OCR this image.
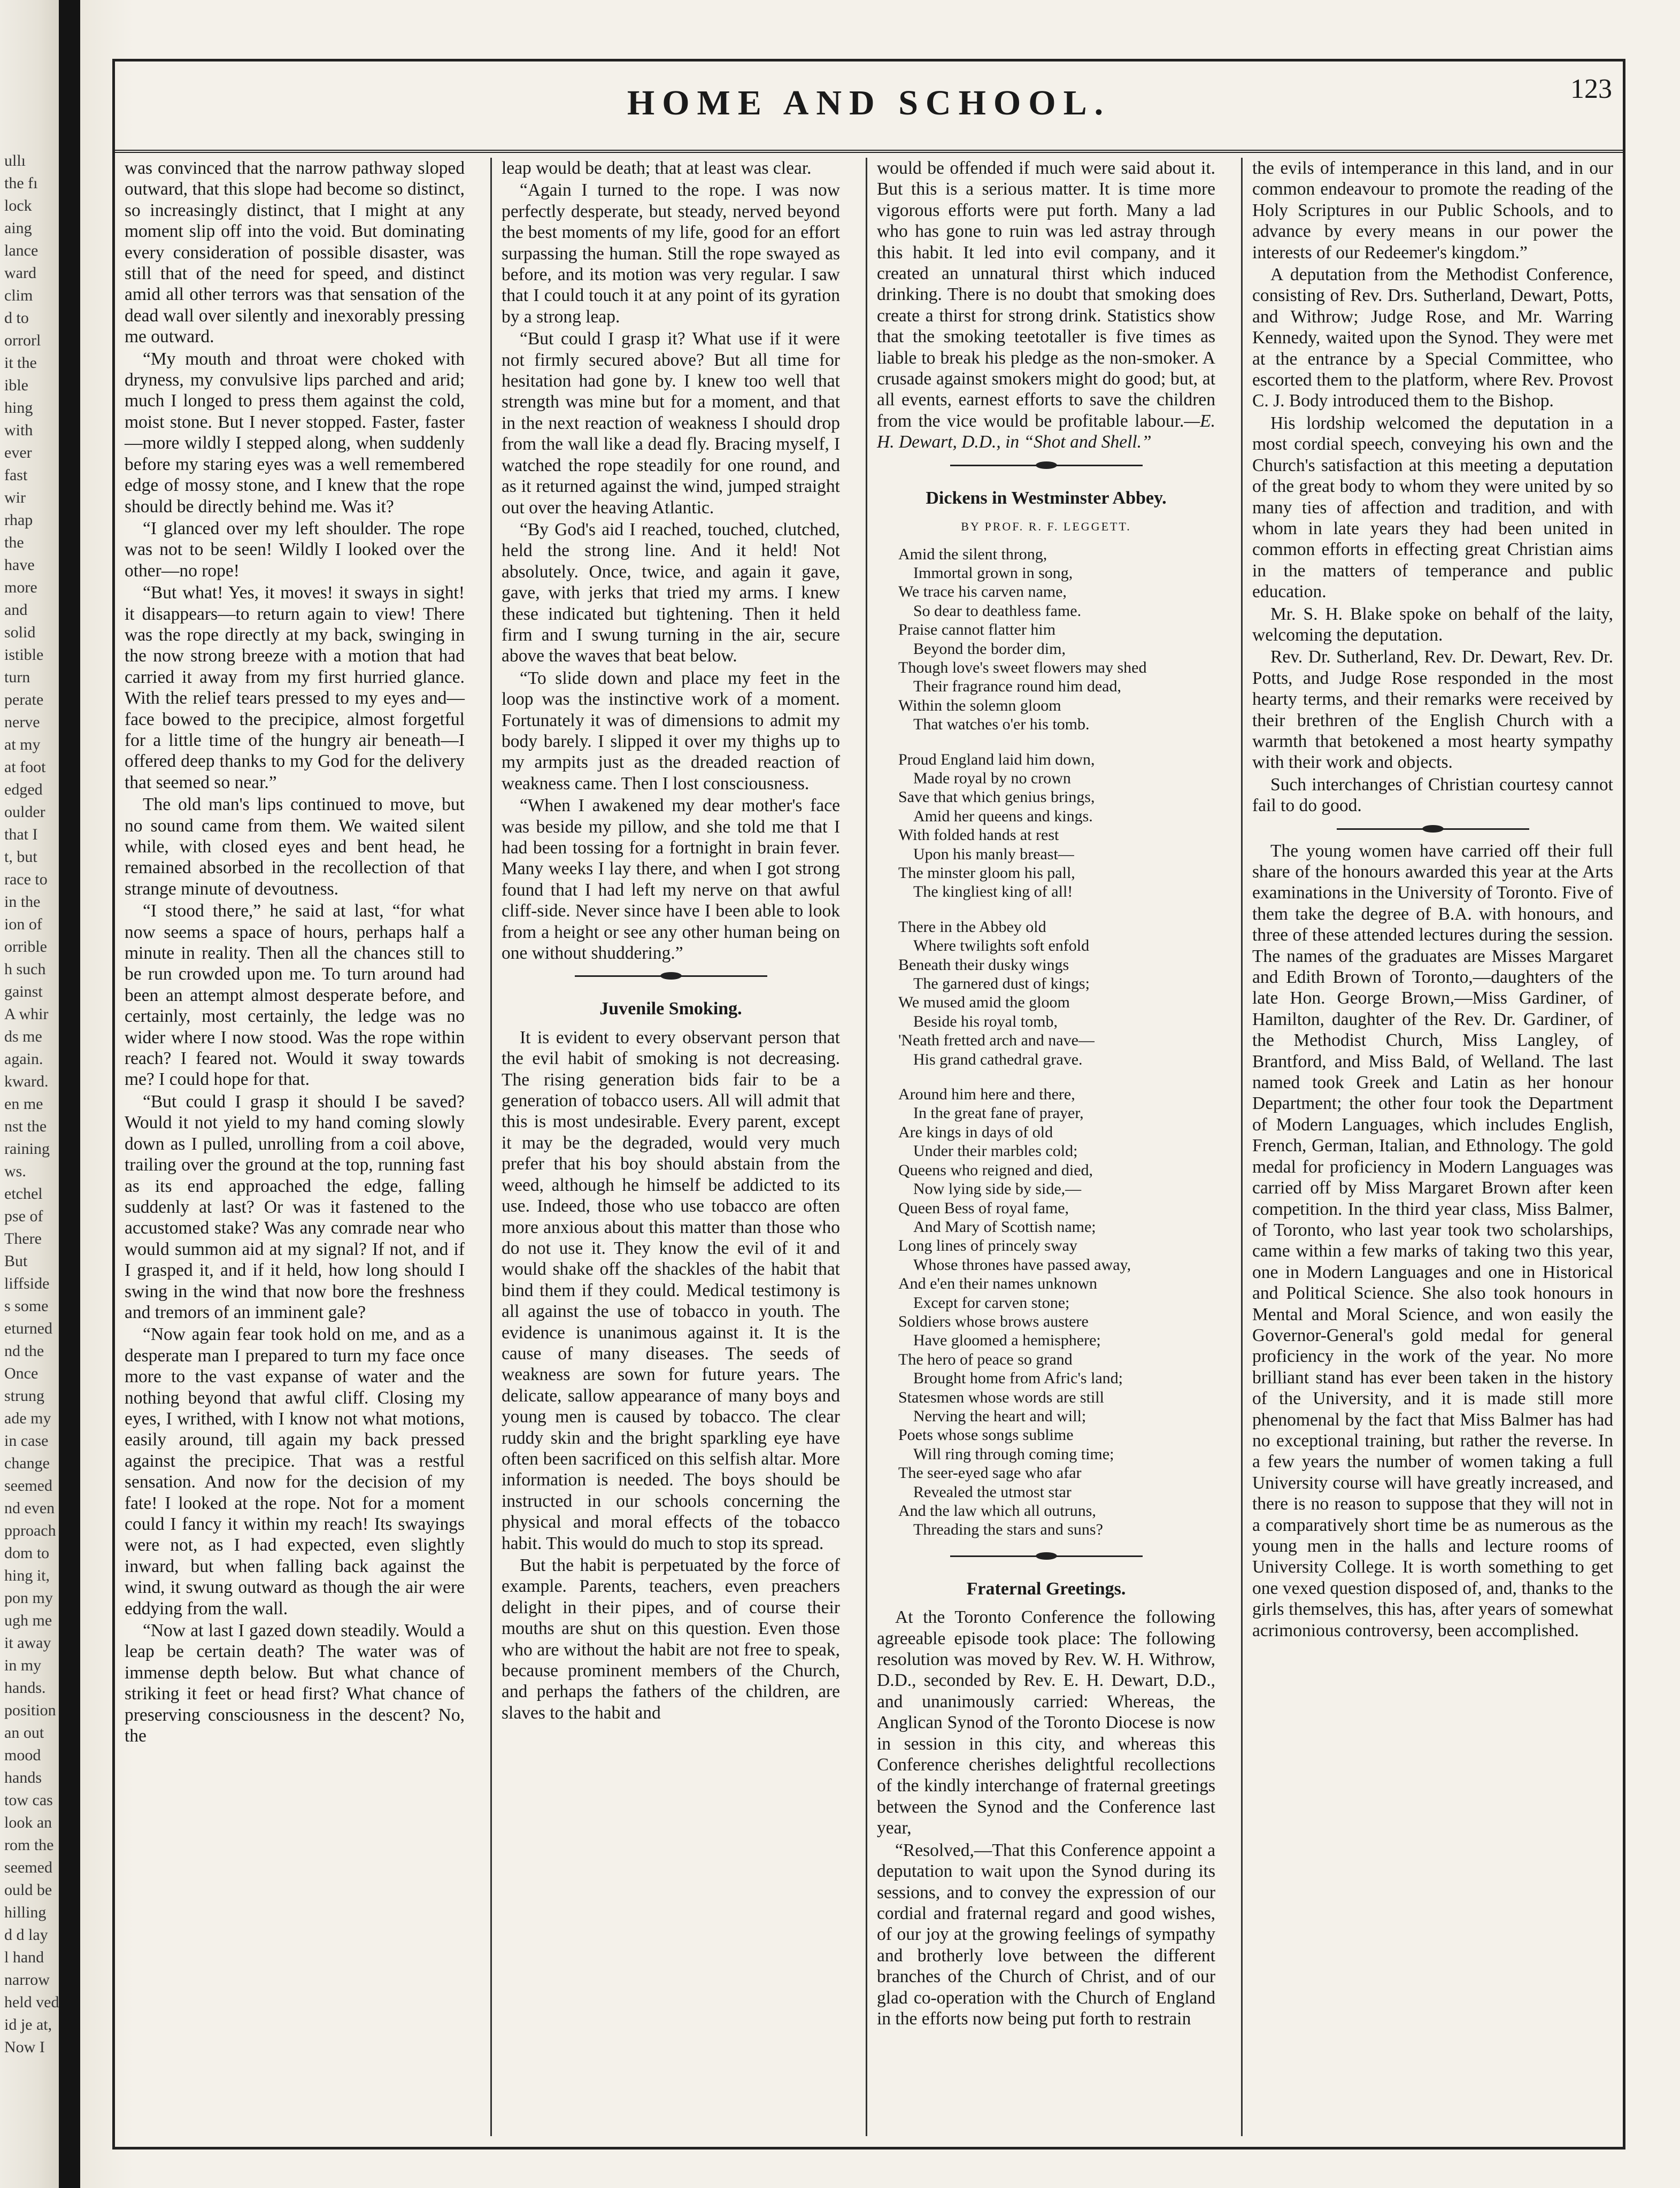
ullı
the fı
lock
aing
lance
ward
clim
d to
orrorl
it the
ible
hing
with
ever
fast
wir
rhap
the
have
more
and
solid
istible
turn
perate
nerve
at my
at foot
edged
oulder
that I
t, but
race to
in the
ion of
orrible
h such
gainst
A whir
ds me
again.
kward.
en me
nst the
raining
ws.
etchel
pse of
There
But
liffside
s some
eturned
nd the
Once
strung
ade my
in case
change
seemed
nd even
pproach
dom to
hing it,
pon my
ugh me
it away
in my
hands.
position
an out
mood
hands
tow cas
look an
rom the
seemed
ould be
hilling
d d lay
l hand
narrow
held ved
id je at,
Now I
HOME AND SCHOOL.	123

was convinced that the narrow pathway sloped outward, that this slope had become so distinct, so increasingly distinct, that I might at any moment slip off into the void. But dominating every consideration of possible disaster, was still that of the need for speed, and distinct amid all other terrors was that sensation of the dead wall over silently and inexorably pressing me outward.

“My mouth and throat were choked with dryness, my convulsive lips parched and arid; much I longed to press them against the cold, moist stone. But I never stopped. Faster, faster—more wildly I stepped along, when suddenly before my staring eyes was a well remembered edge of mossy stone, and I knew that the rope should be directly behind me. Was it?

“I glanced over my left shoulder. The rope was not to be seen! Wildly I looked over the other—no rope!

“But what! Yes, it moves! it sways in sight! it disappears—to return again to view! There was the rope directly at my back, swinging in the now strong breeze with a motion that had carried it away from my first hurried glance. With the relief tears pressed to my eyes and—face bowed to the precipice, almost forgetful for a little time of the hungry air beneath—I offered deep thanks to my God for the delivery that seemed so near.”

The old man's lips continued to move, but no sound came from them. We waited silent while, with closed eyes and bent head, he remained absorbed in the recollection of that strange minute of devoutness.

“I stood there,” he said at last, “for what now seems a space of hours, perhaps half a minute in reality. Then all the chances still to be run crowded upon me. To turn around had been an attempt almost desperate before, and certainly, most certainly, the ledge was no wider where I now stood. Was the rope within reach? I feared not. Would it sway towards me? I could hope for that.

“But could I grasp it should I be saved? Would it not yield to my hand coming slowly down as I pulled, unrolling from a coil above, trailing over the ground at the top, running fast as its end approached the edge, falling suddenly at last? Or was it fastened to the accustomed stake? Was any comrade near who would summon aid at my signal? If not, and if I grasped it, and if it held, how long should I swing in the wind that now bore the freshness and tremors of an imminent gale?

“Now again fear took hold on me, and as a desperate man I prepared to turn my face once more to the vast expanse of water and the nothing beyond that awful cliff. Closing my eyes, I writhed, with I know not what motions, easily around, till again my back pressed against the precipice. That was a restful sensation. And now for the decision of my fate! I looked at the rope. Not for a moment could I fancy it within my reach! Its swayings were not, as I had expected, even slightly inward, but when falling back against the wind, it swung outward as though the air were eddying from the wall.

“Now at last I gazed down steadily. Would a leap be certain death? The water was of immense depth below. But what chance of striking it feet or head first? What chance of preserving consciousness in the descent? No, the

leap would be death; that at least was clear.

“Again I turned to the rope. I was now perfectly desperate, but steady, nerved beyond the best moments of my life, good for an effort surpassing the human. Still the rope swayed as before, and its motion was very regular. I saw that I could touch it at any point of its gyration by a strong leap.

“But could I grasp it? What use if it were not firmly secured above? But all time for hesitation had gone by. I knew too well that strength was mine but for a moment, and that in the next reaction of weakness I should drop from the wall like a dead fly. Bracing myself, I watched the rope steadily for one round, and as it returned against the wind, jumped straight out over the heaving Atlantic.

“By God's aid I reached, touched, clutched, held the strong line. And it held! Not absolutely. Once, twice, and again it gave, gave, with jerks that tried my arms. I knew these indicated but tightening. Then it held firm and I swung turning in the air, secure above the waves that beat below.

“To slide down and place my feet in the loop was the instinctive work of a moment. Fortunately it was of dimensions to admit my body barely. I slipped it over my thighs up to my armpits just as the dreaded reaction of weakness came. Then I lost consciousness.

“When I awakened my dear mother's face was beside my pillow, and she told me that I had been tossing for a fortnight in brain fever. Many weeks I lay there, and when I got strong found that I had left my nerve on that awful cliff-side. Never since have I been able to look from a height or see any other human being on one without shuddering.”

Juvenile Smoking.

It is evident to every observant person that the evil habit of smoking is not decreasing. The rising generation bids fair to be a generation of tobacco users. All will admit that this is most undesirable. Every parent, except it may be the degraded, would very much prefer that his boy should abstain from the weed, although he himself be addicted to its use. Indeed, those who use tobacco are often more anxious about this matter than those who do not use it. They know the evil of it and would shake off the shackles of the habit that bind them if they could. Medical testimony is all against the use of tobacco in youth. The evidence is unanimous against it. It is the cause of many diseases. The seeds of weakness are sown for future years. The delicate, sallow appearance of many boys and young men is caused by tobacco. The clear ruddy skin and the bright sparkling eye have often been sacrificed on this selfish altar. More information is needed. The boys should be instructed in our schools concerning the physical and moral effects of the tobacco habit. This would do much to stop its spread.

But the habit is perpetuated by the force of example. Parents, teachers, even preachers delight in their pipes, and of course their mouths are shut on this question. Even those who are without the habit are not free to speak, because prominent members of the Church, and perhaps the fathers of the children, are slaves to the habit and

would be offended if much were said about it. But this is a serious matter. It is time more vigorous efforts were put forth. Many a lad who has gone to ruin was led astray through this habit. It led into evil company, and it created an unnatural thirst which induced drinking. There is no doubt that smoking does create a thirst for strong drink. Statistics show that the smoking teetotaller is five times as liable to break his pledge as the non-smoker. A crusade against smokers might do good; but, at all events, earnest efforts to save the children from the vice would be profitable labour.—E. H. Dewart, D.D., in “Shot and Shell.”

Dickens in Westminster Abbey.
BY PROF. R. F. LEGGETT.
Amid the silent throng,
Immortal grown in song,
We trace his carven name,
So dear to deathless fame.
Praise cannot flatter him
Beyond the border dim,
Though love's sweet flowers may shed
Their fragrance round him dead,
Within the solemn gloom
That watches o'er his tomb.
Proud England laid him down,
Made royal by no crown
Save that which genius brings,
Amid her queens and kings.
With folded hands at rest
Upon his manly breast—
The minster gloom his pall,
The kingliest king of all!
There in the Abbey old
Where twilights soft enfold
Beneath their dusky wings
The garnered dust of kings;
We mused amid the gloom
Beside his royal tomb,
'Neath fretted arch and nave—
His grand cathedral grave.
Around him here and there,
In the great fane of prayer,
Are kings in days of old
Under their marbles cold;
Queens who reigned and died,
Now lying side by side,—
Queen Bess of royal fame,
And Mary of Scottish name;
Long lines of princely sway
Whose thrones have passed away,
And e'en their names unknown
Except for carven stone;
Soldiers whose brows austere
Have gloomed a hemisphere;
The hero of peace so grand
Brought home from Afric's land;
Statesmen whose words are still
Nerving the heart and will;
Poets whose songs sublime
Will ring through coming time;
The seer-eyed sage who afar
Revealed the utmost star
And the law which all outruns,
Threading the stars and suns?
Fraternal Greetings.

At the Toronto Conference the following agreeable episode took place: The following resolution was moved by Rev. W. H. Withrow, D.D., seconded by Rev. E. H. Dewart, D.D., and unanimously carried: Whereas, the Anglican Synod of the Toronto Diocese is now in session in this city, and whereas this Conference cherishes delightful recollections of the kindly interchange of fraternal greetings between the Synod and the Conference last year,

“Resolved,—That this Conference appoint a deputation to wait upon the Synod during its sessions, and to convey the expression of our cordial and fraternal regard and good wishes, of our joy at the growing feelings of sympathy and brotherly love between the different branches of the Church of Christ, and of our glad co-operation with the Church of England in the efforts now being put forth to restrain

the evils of intemperance in this land, and in our common endeavour to promote the reading of the Holy Scriptures in our Public Schools, and to advance by every means in our power the interests of our Redeemer's kingdom.”

A deputation from the Methodist Conference, consisting of Rev. Drs. Sutherland, Dewart, Potts, and Withrow; Judge Rose, and Mr. Warring Kennedy, waited upon the Synod. They were met at the entrance by a Special Committee, who escorted them to the platform, where Rev. Provost C. J. Body introduced them to the Bishop.

His lordship welcomed the deputation in a most cordial speech, conveying his own and the Church's satisfaction at this meeting a deputation of the great body to whom they were united by so many ties of affection and tradition, and with whom in late years they had been united in common efforts in effecting great Christian aims in the matters of temperance and public education.

Mr. S. H. Blake spoke on behalf of the laity, welcoming the deputation.

Rev. Dr. Sutherland, Rev. Dr. Dewart, Rev. Dr. Potts, and Judge Rose responded in the most hearty terms, and their remarks were received by their brethren of the English Church with a warmth that betokened a most hearty sympathy with their work and objects.

Such interchanges of Christian courtesy cannot fail to do good.

The young women have carried off their full share of the honours awarded this year at the Arts examinations in the University of Toronto. Five of them take the degree of B.A. with honours, and three of these attended lectures during the session. The names of the graduates are Misses Margaret and Edith Brown of Toronto,—daughters of the late Hon. George Brown,—Miss Gardiner, of Hamilton, daughter of the Rev. Dr. Gardiner, of the Methodist Church, Miss Langley, of Brantford, and Miss Bald, of Welland. The last named took Greek and Latin as her honour Department; the other four took the Department of Modern Languages, which includes English, French, German, Italian, and Ethnology. The gold medal for proficiency in Modern Languages was carried off by Miss Margaret Brown after keen competition. In the third year class, Miss Balmer, of Toronto, who last year took two scholarships, came within a few marks of taking two this year, one in Modern Languages and one in Historical and Political Science. She also took honours in Mental and Moral Science, and won easily the Governor-General's gold medal for general proficiency in the work of the year. No more brilliant stand has ever been taken in the history of the University, and it is made still more phenomenal by the fact that Miss Balmer has had no exceptional training, but rather the reverse. In a few years the number of women taking a full University course will have greatly increased, and there is no reason to suppose that they will not in a comparatively short time be as numerous as the young men in the halls and lecture rooms of University College. It is worth something to get one vexed question disposed of, and, thanks to the girls themselves, this has, after years of somewhat acrimonious controversy, been accomplished.
